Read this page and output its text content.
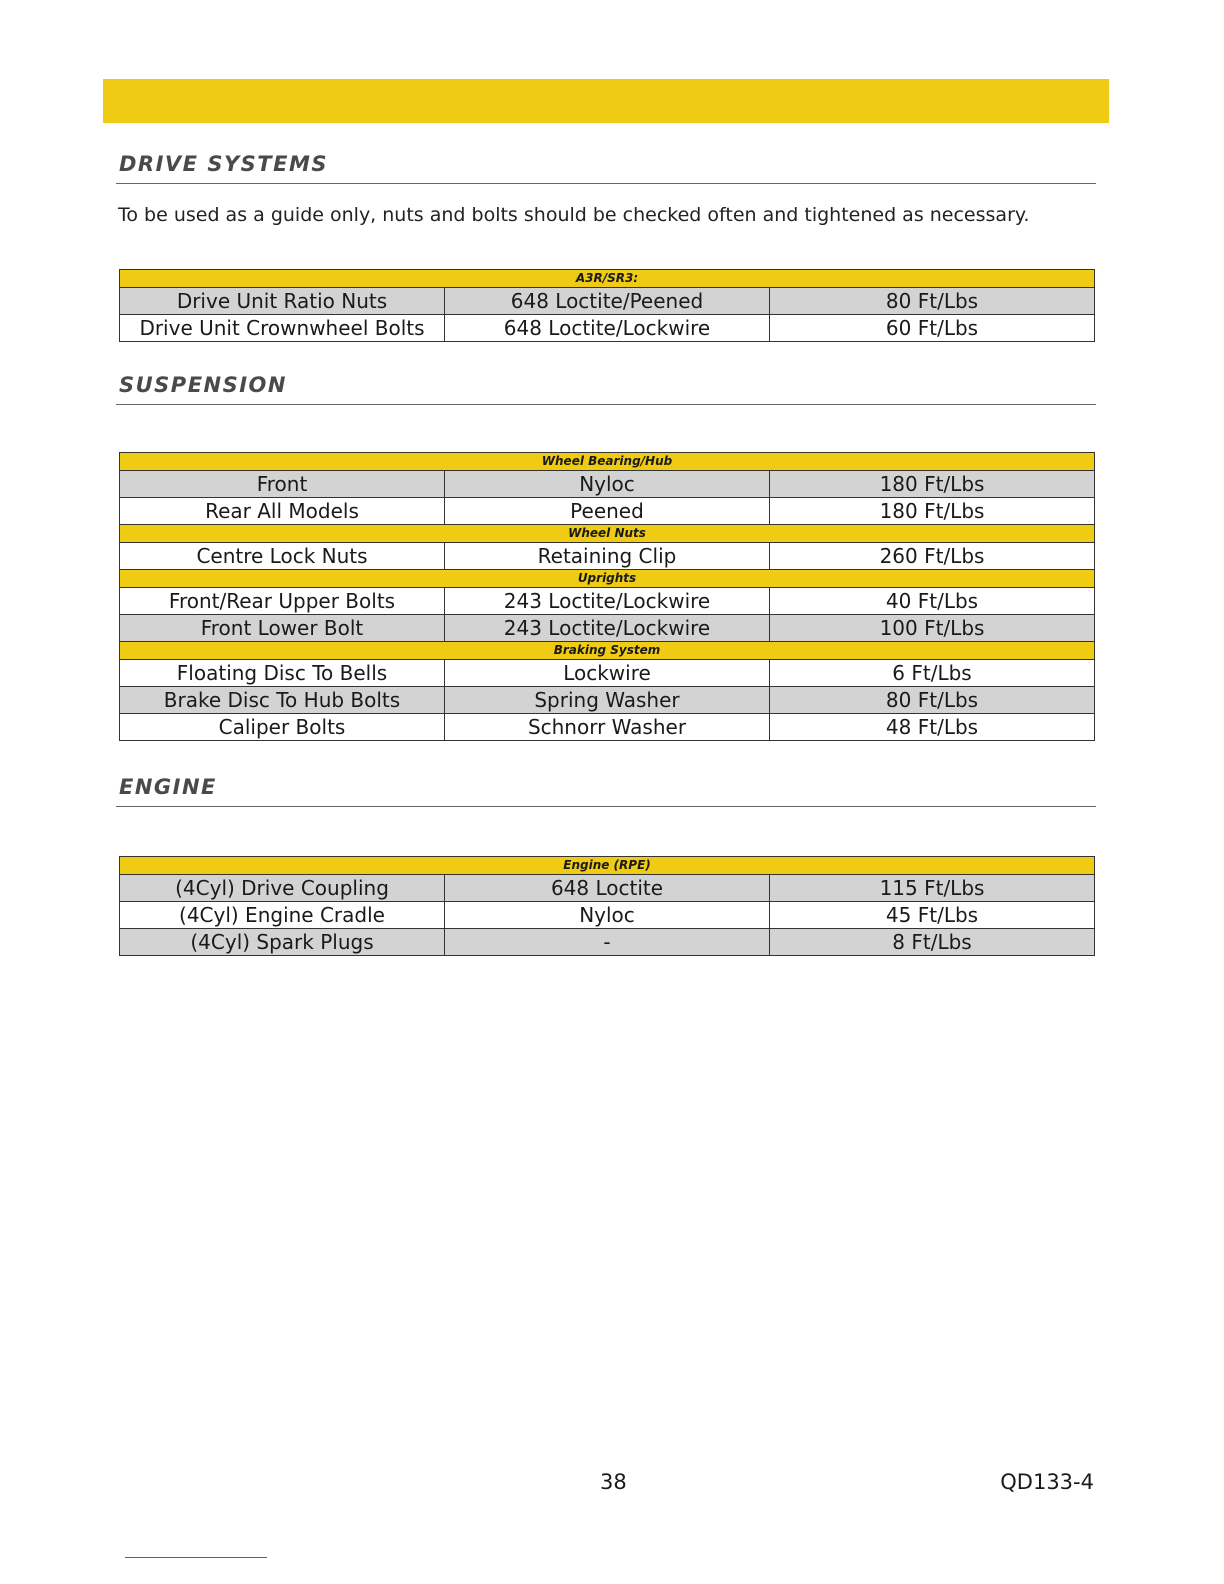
DRIVE SYSTEMS
To be used as a guide only, nuts and bolts should be checked often and tightened as necessary.
A3R/SR3:		
Drive Unit Ratio Nuts	648 Loctite/Peened	80 Ft/Lbs
Drive Unit Crownwheel Bolts	648 Loctite/Lockwire	60 Ft/Lbs
SUSPENSION
Wheel Bearing/Hub		
Front	Nyloc	180 Ft/Lbs
Rear All Models	Peened	180 Ft/Lbs
Wheel Nuts		
Centre Lock Nuts	Retaining Clip	260 Ft/Lbs
Uprights		
Front/Rear Upper Bolts	243 Loctite/Lockwire	40 Ft/Lbs
Front Lower Bolt	243 Loctite/Lockwire	100 Ft/Lbs
Braking System		
Floating Disc To Bells	Lockwire	6 Ft/Lbs
Brake Disc To Hub Bolts	Spring Washer	80 Ft/Lbs
Caliper Bolts	Schnorr Washer	48 Ft/Lbs
ENGINE
Engine (RPE)		
(4Cyl) Drive Coupling	648 Loctite	115 Ft/Lbs
(4Cyl) Engine Cradle	Nyloc	45 Ft/Lbs
(4Cyl) Spark Plugs	-	8 Ft/Lbs
38	QD133-4
